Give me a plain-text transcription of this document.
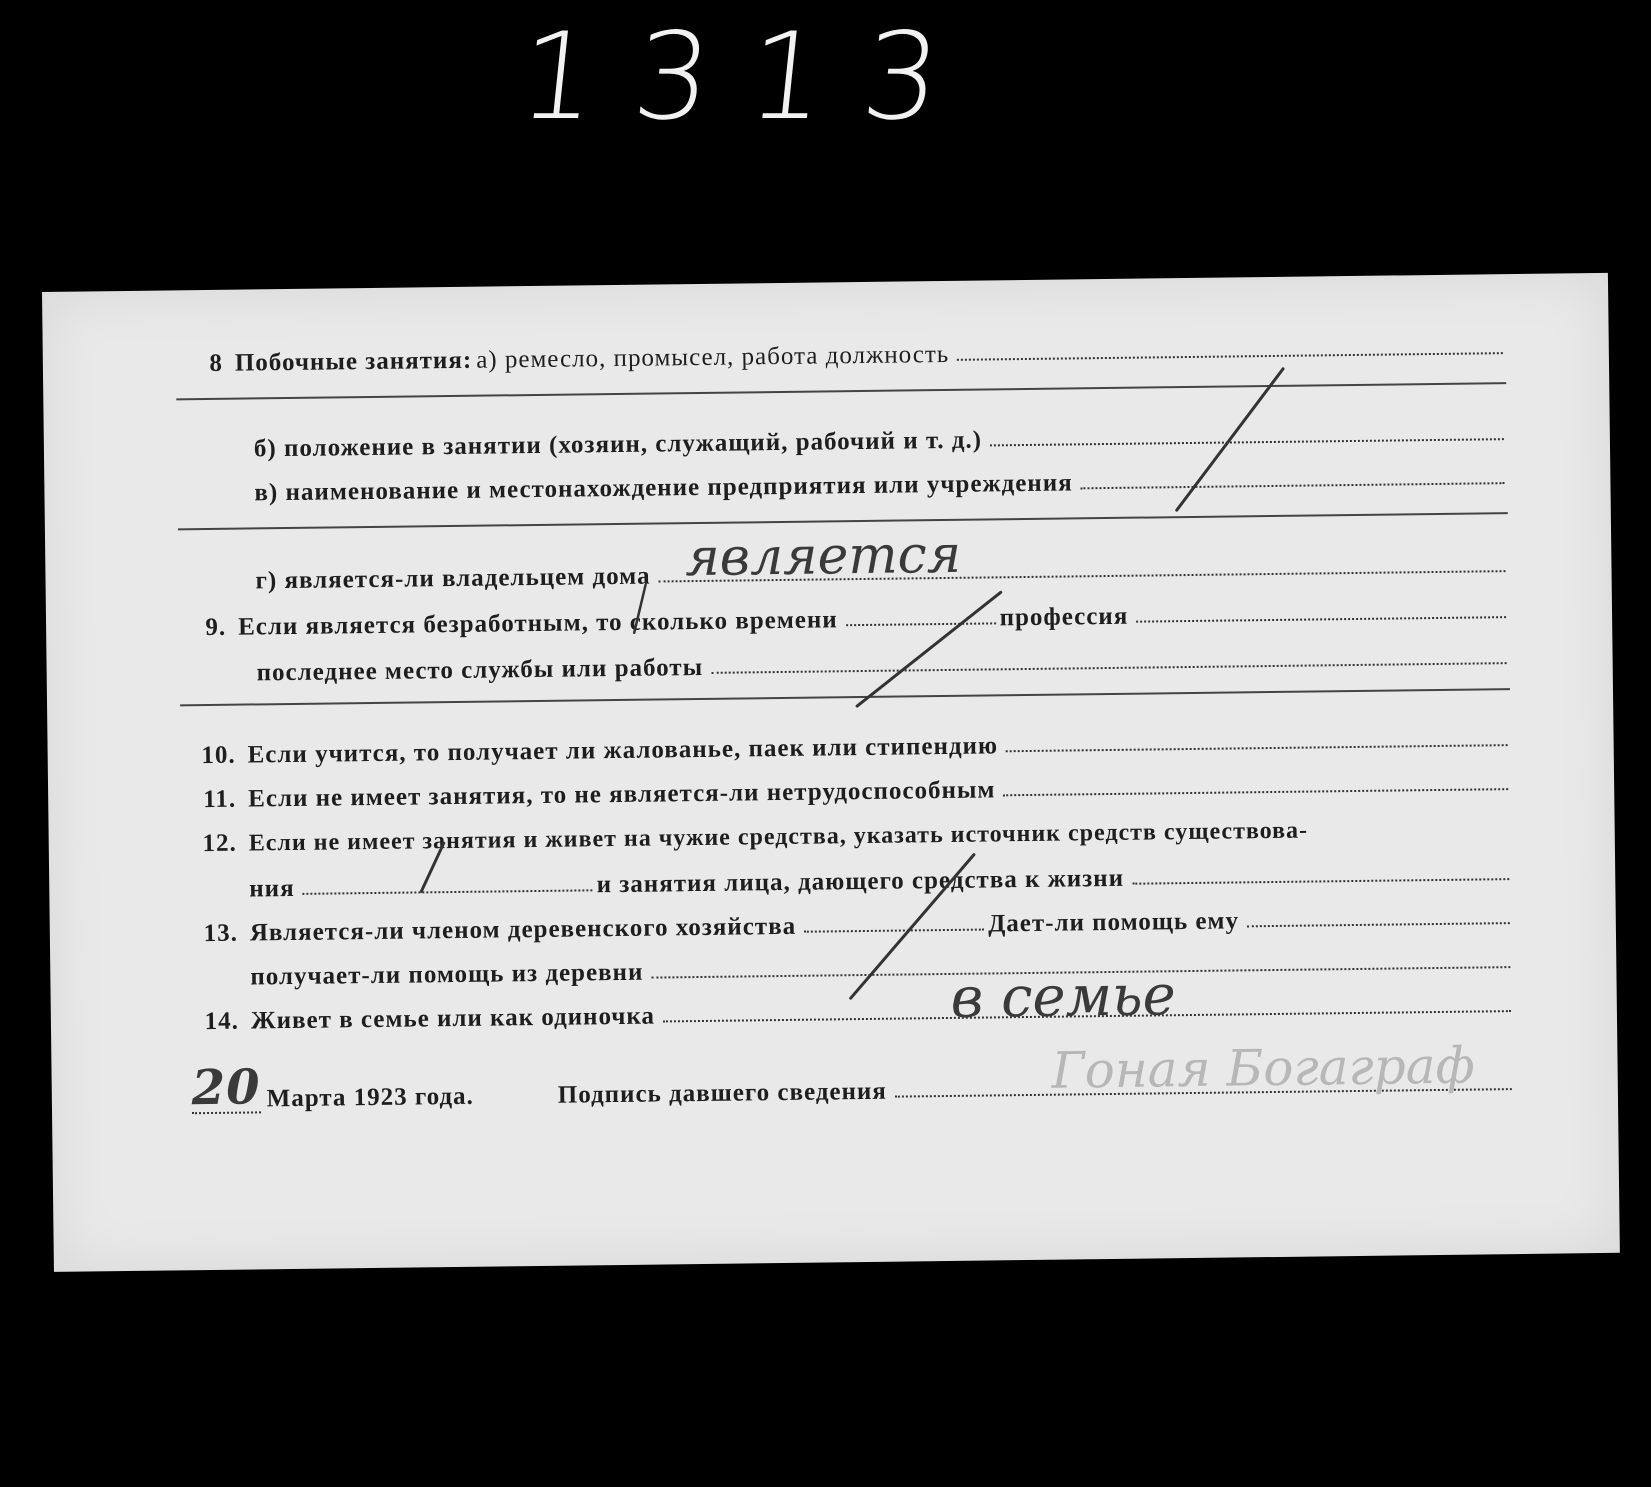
1313
8 Побочные занятия: а) ремесло, промысел, работа должность
б) положение в занятии (хозяин, служащий, рабочий и т. д.)
в) наименование и местонахождение предприятия или учреждения
г) является-ли владельцем дома является
9. Если является безработным, то сколько времени	профессия
последнее место службы или работы
10. Если учится, то получает ли жалованье, паек или стипендию
11. Если не имеет занятия, то не является-ли нетрудоспособным
12. Если не имеет занятия и живет на чужие средства, указать источник средств существова-
ния	и занятия лица, дающего средства к жизни
13. Является-ли членом деревенского хозяйства	Дает-ли помощь ему
получает-ли помощь из деревни
14. Живет в семье или как одиночка	в семье
20 Марта 1923 года.	Подпись давшего сведения	Гоная Богаграф
